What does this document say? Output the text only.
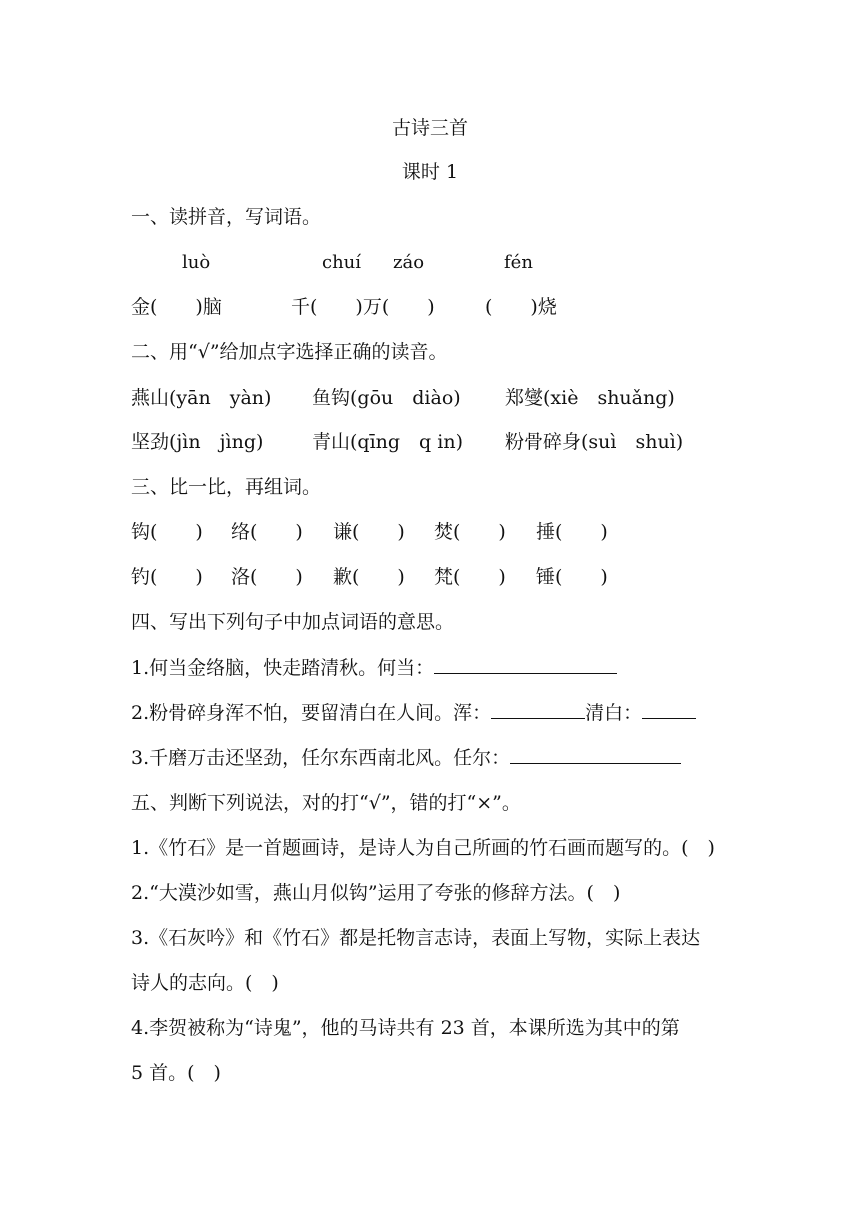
古诗三首
课时 1
一、读拼音，写词语。
luò	chuí záo	fén
金(　　)脑	千(　　)万(　　)	(　　)烧
二、用“√”给加点字选择正确的读音。
燕山(yān　yàn) 鱼钩(gōu　diào) 郑燮(xiè　shuǎng)
坚劲(jìn　jìng)	青山(qīng　q in) 粉骨碎身(suì　shuì)
三、比一比，再组词。
钩(　　) 络(　　) 谦(　　) 焚(　　) 捶(　　)
钓(　　) 洛(　　) 歉(　　) 梵(　　) 锤(　　)
四、写出下列句子中加点词语的意思。
1.何当金络脑，快走踏清秋。何当：
2.粉骨碎身浑不怕，要留清白在人间。浑：	清白：
3.千磨万击还坚劲，任尔东西南北风。任尔：
五、判断下列说法，对的打“√”，错的打“×”。
1.《竹石》是一首题画诗，是诗人为自己所画的竹石画而题写的。(　)
2.“大漠沙如雪，燕山月似钩”运用了夸张的修辞方法。(　)
3.《石灰吟》和《竹石》都是托物言志诗，表面上写物，实际上表达
诗人的志向。(　)
4.李贺被称为“诗鬼”，他的马诗共有 23 首，本课所选为其中的第
5 首。(　)
